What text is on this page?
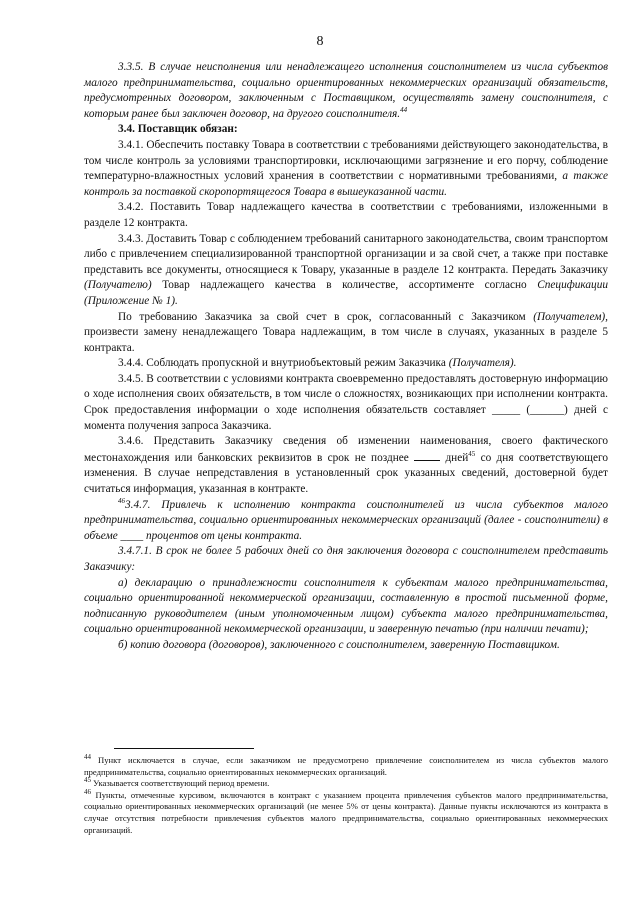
8

3.3.5. В случае неисполнения или ненадлежащего исполнения соисполнителем из числа субъектов малого предпринимательства, социально ориентированных некоммерческих организаций обязательств, предусмотренных договором, заключенным с Поставщиком, осуществлять замену соисполнителя, с которым ранее был заключен договор, на другого соисполнителя.$^{44}$

3.4. Поставщик обязан:

3.4.1. Обеспечить поставку Товара в соответствии с требованиями действующего законодательства, в том числе контроль за условиями транспортировки, исключающими загрязнение и его порчу, соблюдение температурно-влажностных условий хранения в соответствии с нормативными требованиями, а также контроль за поставкой скоропортящегося Товара в вышеуказанной части.

3.4.2. Поставить Товар надлежащего качества в соответствии с требованиями, изложенными в разделе 12 контракта.

3.4.3. Доставить Товар с соблюдением требований санитарного законодательства, своим транспортом либо с привлечением специализированной транспортной организации и за свой счет, а также при поставке представить все документы, относящиеся к Товару, указанные в разделе 12 контракта. Передать Заказчику (Получателю) Товар надлежащего качества в количестве, ассортименте согласно Спецификации (Приложение № 1).

По требованию Заказчика за свой счет в срок, согласованный с Заказчиком (Получателем), произвести замену ненадлежащего Товара надлежащим, в том числе в случаях, указанных в разделе 5 контракта.

3.4.4. Соблюдать пропускной и внутриобъектовый режим Заказчика (Получателя).

3.4.5. В соответствии с условиями контракта своевременно предоставлять достоверную информацию о ходе исполнения своих обязательств, в том числе о сложностях, возникающих при исполнении контракта. Срок предоставления информации о ходе исполнения обязательств составляет _____ (______) дней с момента получения запроса Заказчика.

3.4.6. Представить Заказчику сведения об изменении наименования, своего фактического местонахождения или банковских реквизитов в срок не позднее	дней$^{45}$ со дня соответствующего изменения. В случае непредставления в установленный срок указанных сведений, достоверной будет считаться информация, указанная в контракте.

$^{46}$3.4.7. Привлечь к исполнению контракта соисполнителей из числа субъектов малого предпринимательства, социально ориентированных некоммерческих организаций (далее - соисполнители) в объеме ____ процентов от цены контракта.

3.4.7.1. В срок не более 5 рабочих дней со дня заключения договора с соисполнителем представить Заказчику:

а) декларацию о принадлежности соисполнителя к субъектам малого предпринимательства, социально ориентированной некоммерческой организации, составленную в простой письменной форме, подписанную руководителем (иным уполномоченным лицом) субъекта малого предпринимательства, социально ориентированной некоммерческой организации, и заверенную печатью (при наличии печати);

б) копию договора (договоров), заключенного с соисполнителем, заверенную Поставщиком.

$^{44}$ Пункт исключается в случае, если заказчиком не предусмотрено привлечение соисполнителем из числа субъектов малого предпринимательства, социально ориентированных некоммерческих организаций.

$^{45}$ Указывается соответствующий период времени.

$^{46}$ Пункты, отмеченные курсивом, включаются в контракт с указанием процента привлечения субъектов малого предпринимательства, социально ориентированных некоммерческих организаций (не менее 5% от цены контракта). Данные пункты исключаются из контракта в случае отсутствия потребности привлечения субъектов малого предпринимательства, социально ориентированных некоммерческих организаций.
